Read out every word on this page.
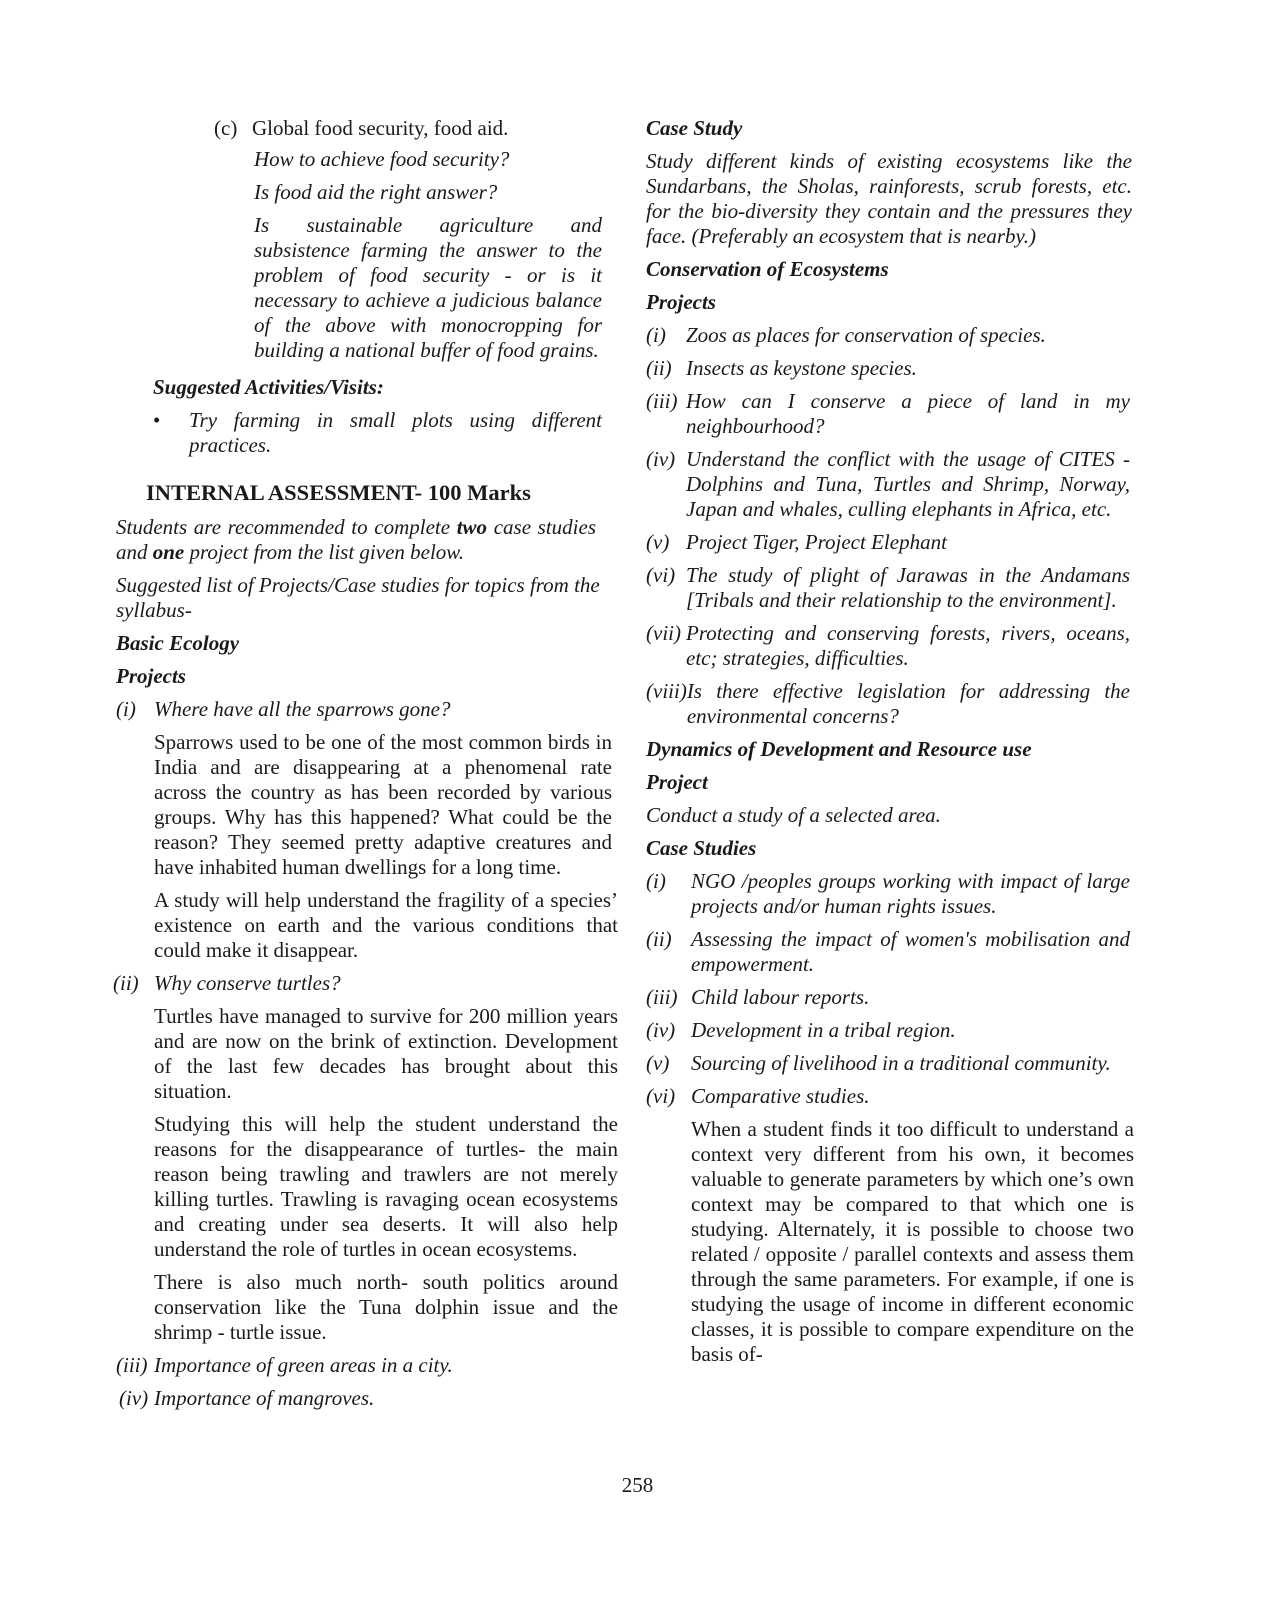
(c) Global food security, food aid.

How to achieve food security?

Is food aid the right answer?

Is sustainable agriculture and subsistence farming the answer to the problem of food security - or is it necessary to achieve a judicious balance of the above with monocropping for building a national buffer of food grains.

Suggested Activities/Visits:

•	Try farming in small plots using different practices.
INTERNAL ASSESSMENT- 100 Marks

Students are recommended to complete two case studies and one project from the list given below.

Suggested list of Projects/Case studies for topics from the syllabus-

Basic Ecology

Projects

(i) Where have all the sparrows gone?

Sparrows used to be one of the most common birds in India and are disappearing at a phenomenal rate across the country as has been recorded by various groups. Why has this happened? What could be the reason? They seemed pretty adaptive creatures and have inhabited human dwellings for a long time.

A study will help understand the fragility of a species’ existence on earth and the various conditions that could make it disappear.

(ii) Why conserve turtles?

Turtles have managed to survive for 200 million years and are now on the brink of extinction. Development of the last few decades has brought about this situation.

Studying this will help the student understand the reasons for the disappearance of turtles- the main reason being trawling and trawlers are not merely killing turtles. Trawling is ravaging ocean ecosystems and creating under sea deserts. It will also help understand the role of turtles in ocean ecosystems.

There is also much north- south politics around conservation like the Tuna dolphin issue and the shrimp - turtle issue.

(iii) Importance of green areas in a city.
(iv) Importance of mangroves.

Case Study

Study different kinds of existing ecosystems like the Sundarbans, the Sholas, rainforests, scrub forests, etc. for the bio-diversity they contain and the pressures they face. (Preferably an ecosystem that is nearby.)

Conservation of Ecosystems

Projects

(i) Zoos as places for conservation of species.
(ii) Insects as keystone species.
(iii) How can I conserve a piece of land in my neighbourhood?
(iv) Understand the conflict with the usage of CITES - Dolphins and Tuna, Turtles and Shrimp, Norway, Japan and whales, culling elephants in Africa, etc.
(v) Project Tiger, Project Elephant
(vi) The study of plight of Jarawas in the Andamans [Tribals and their relationship to the environment].
(vii) Protecting and conserving forests, rivers, oceans, etc; strategies, difficulties.
(viii) Is there effective legislation for addressing the environmental concerns?

Dynamics of Development and Resource use

Project

Conduct a study of a selected area.

Case Studies

(i)	NGO /peoples groups working with impact of large projects and/or human rights issues.
(ii) Assessing the impact of women's mobilisation and empowerment.
(iii) Child labour reports.
(iv) Development in a tribal region.
(v)	Sourcing of livelihood in a traditional community.
(vi) Comparative studies.

When a student finds it too difficult to understand a context very different from his own, it becomes valuable to generate parameters by which one’s own context may be compared to that which one is studying. Alternately, it is possible to choose two related / opposite / parallel contexts and assess them through the same parameters. For example, if one is studying the usage of income in different economic classes, it is possible to compare expenditure on the basis of-

258
